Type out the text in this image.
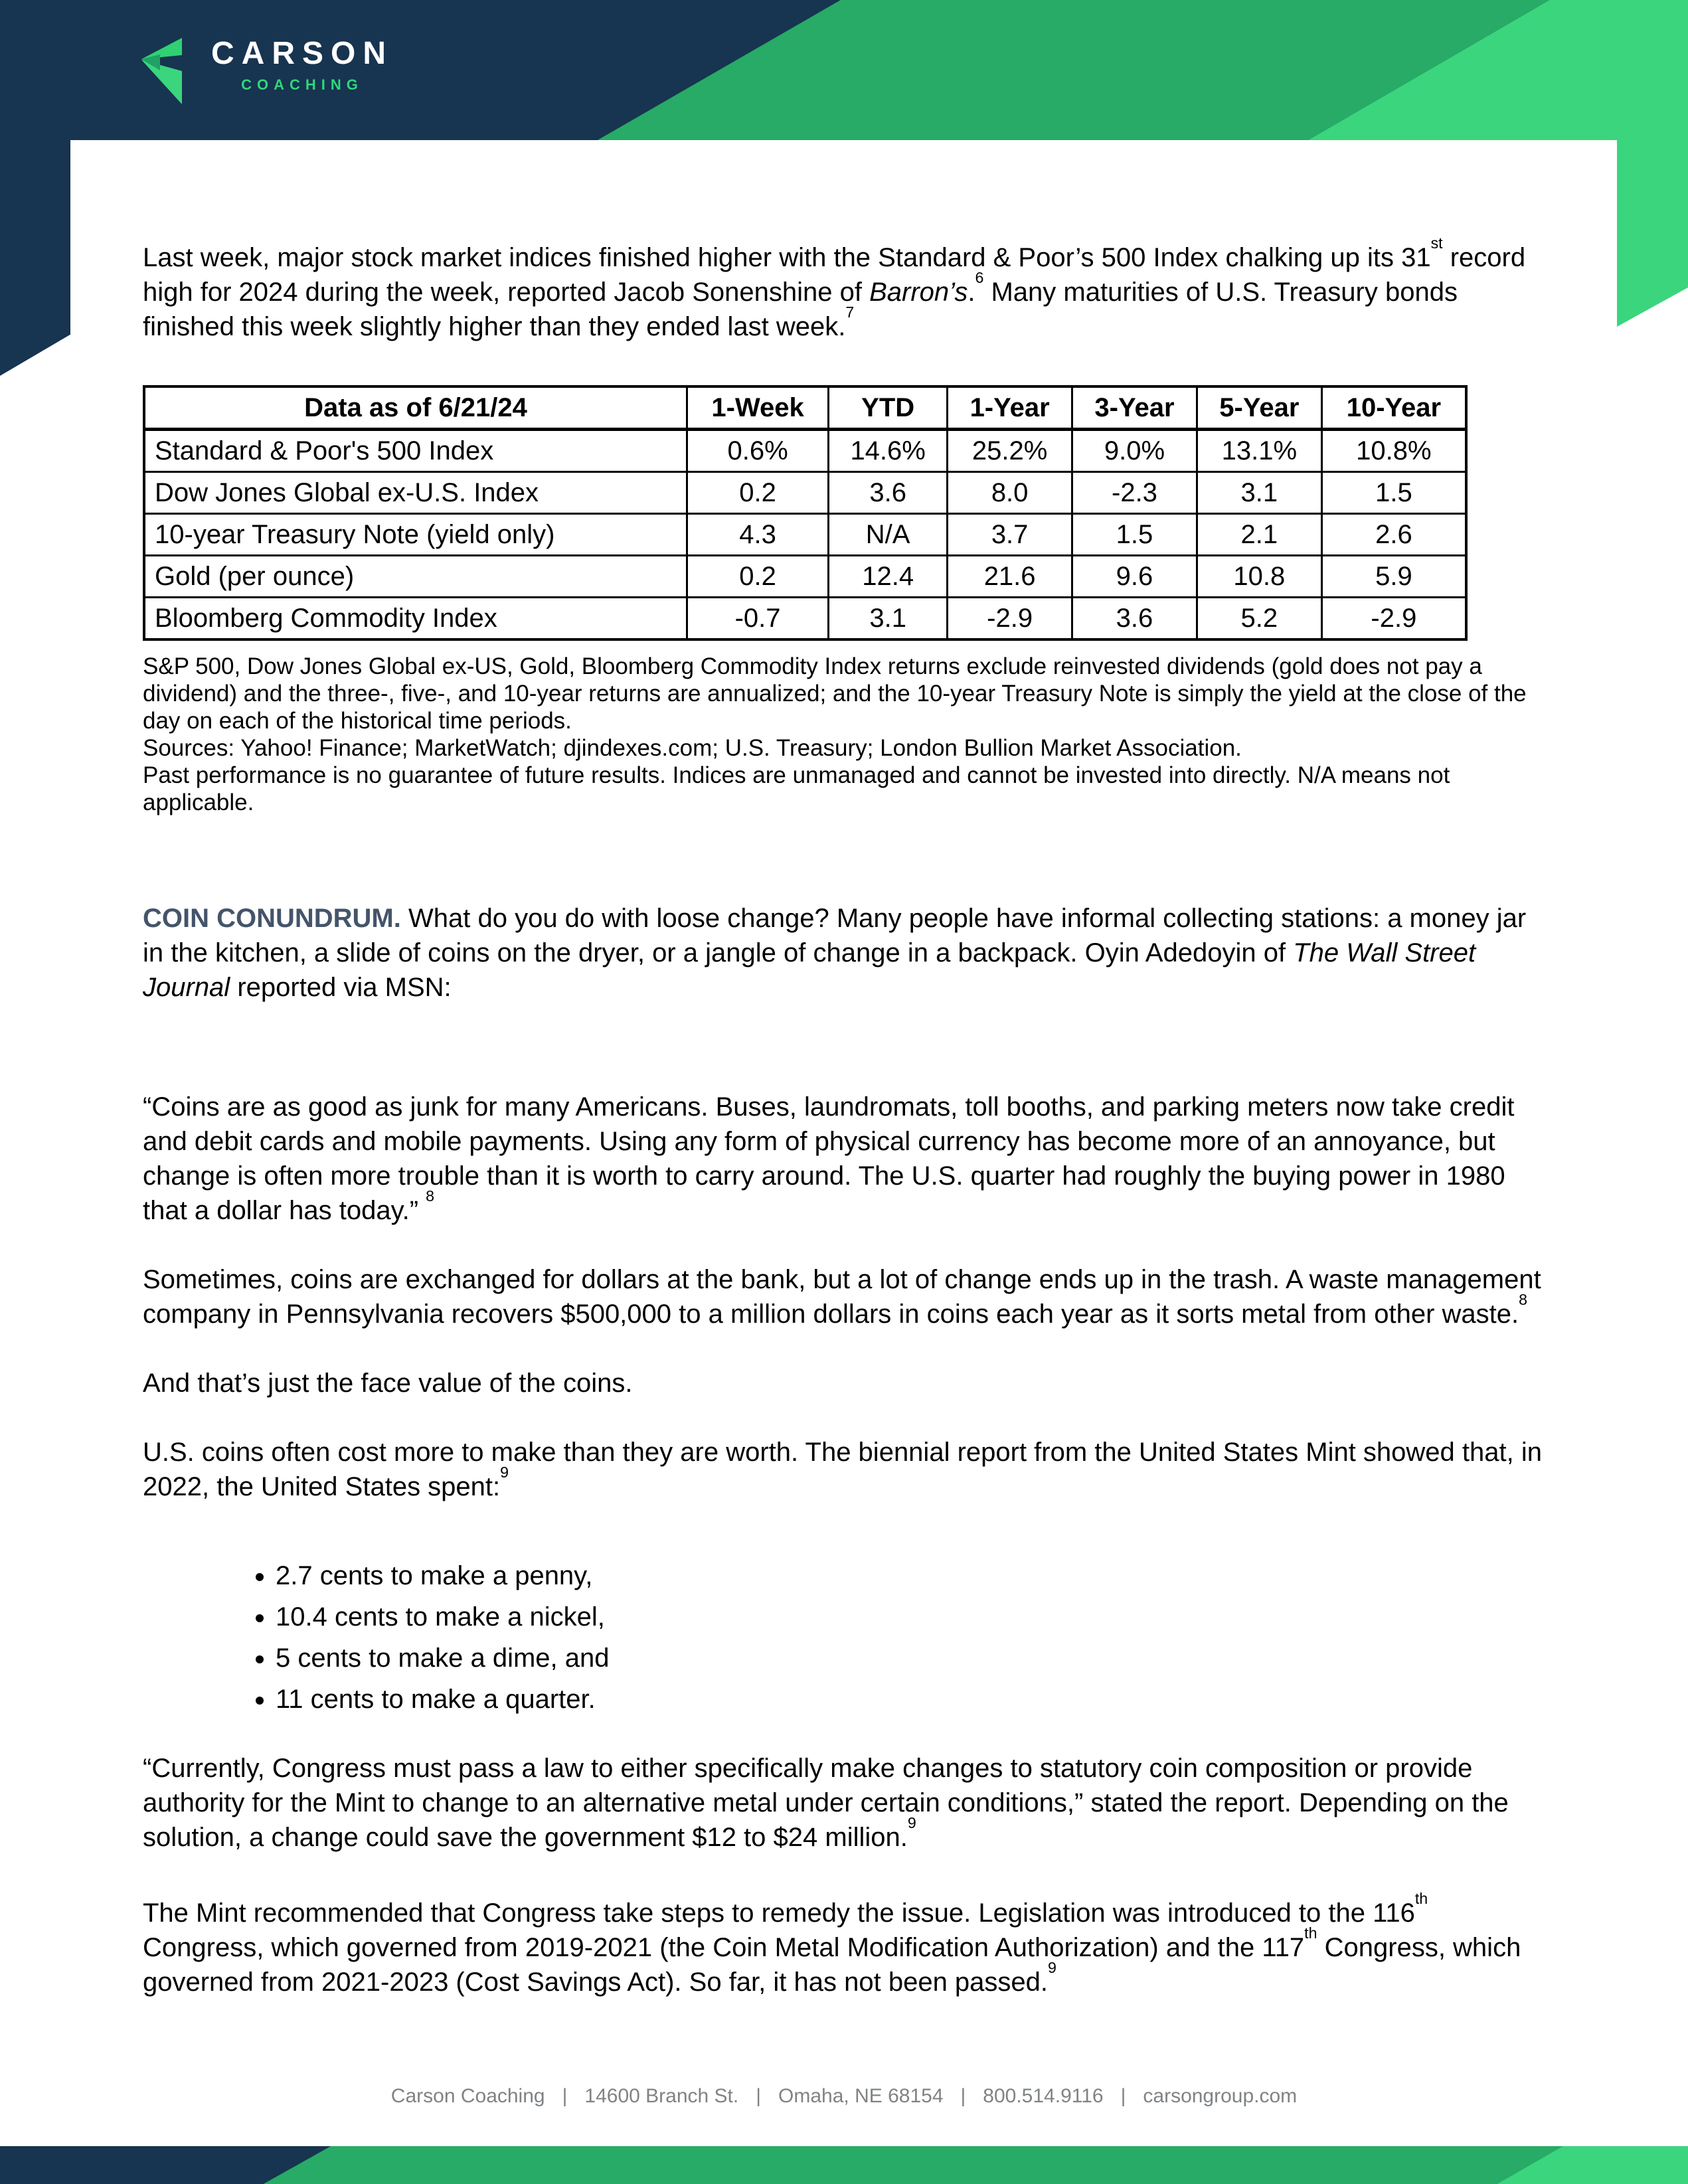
CARSON
COACHING

Last week, major stock market indices finished higher with the Standard & Poor’s 500 Index chalking up its 31st record high for 2024 during the week, reported Jacob Sonenshine of Barron’s.$^6$ Many maturities of U.S. Treasury bonds finished this week slightly higher than they ended last week.$^7$

Data as of 6/21/24	1-Week	YTD	1-Year	3-Year	5-Year	10-Year
Standard & Poor's 500 Index	0.6%	14.6%	25.2%	9.0%	13.1%	10.8%
Dow Jones Global ex-U.S. Index	0.2	3.6	8.0	-2.3	3.1	1.5
10-year Treasury Note (yield only)	4.3	N/A	3.7	1.5	2.1	2.6
Gold (per ounce)	0.2	12.4	21.6	9.6	10.8	5.9
Bloomberg Commodity Index	-0.7	3.1	-2.9	3.6	5.2	-2.9

S&P 500, Dow Jones Global ex-US, Gold, Bloomberg Commodity Index returns exclude reinvested dividends (gold does not pay a dividend) and the three-, five-, and 10-year returns are annualized; and the 10-year Treasury Note is simply the yield at the close of the day on each of the historical time periods.

Sources: Yahoo! Finance; MarketWatch; djindexes.com; U.S. Treasury; London Bullion Market Association.

Past performance is no guarantee of future results. Indices are unmanaged and cannot be invested into directly. N/A means not applicable.

COIN CONUNDRUM. What do you do with loose change? Many people have informal collecting stations: a money jar in the kitchen, a slide of coins on the dryer, or a jangle of change in a backpack. Oyin Adedoyin of The Wall Street Journal reported via MSN:

“Coins are as good as junk for many Americans. Buses, laundromats, toll booths, and parking meters now take credit and debit cards and mobile payments. Using any form of physical currency has become more of an annoyance, but change is often more trouble than it is worth to carry around. The U.S. quarter had roughly the buying power in 1980 that a dollar has today.” $^8$

Sometimes, coins are exchanged for dollars at the bank, but a lot of change ends up in the trash. A waste management company in Pennsylvania recovers $500,000 to a million dollars in coins each year as it sorts metal from other waste.$^8$

And that’s just the face value of the coins.

U.S. coins often cost more to make than they are worth. The biennial report from the United States Mint showed that, in 2022, the United States spent:$^9$

• 2.7 cents to make a penny,
• 10.4 cents to make a nickel,
• 5 cents to make a dime, and
• 11 cents to make a quarter.

“Currently, Congress must pass a law to either specifically make changes to statutory coin composition or provide authority for the Mint to change to an alternative metal under certain conditions,” stated the report. Depending on the solution, a change could save the government $12 to $24 million.$^9$

The Mint recommended that Congress take steps to remedy the issue. Legislation was introduced to the 116th Congress, which governed from 2019-2021 (the Coin Metal Modification Authorization) and the 117th Congress, which governed from 2021-2023 (Cost Savings Act). So far, it has not been passed.$^9$

Carson Coaching | 14600 Branch St. | Omaha, NE 68154 | 800.514.9116 | carsongroup.com
